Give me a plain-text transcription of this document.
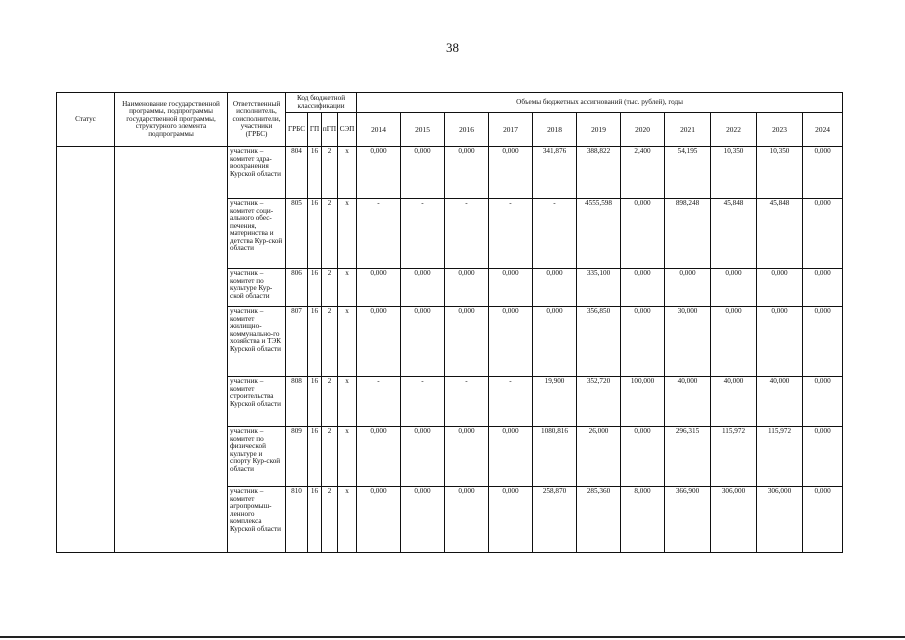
38
Статус	Наименование государственной программы, подпрограммы государственной программы, структурного элемента подпрограммы	Ответственный исполнитель, соисполнители, участники (ГРБС)	Код бюджетной классификации				Объемы бюджетных ассигнований (тыс. рублей), годы										
			ГРБС	ГП	пГП	СЭП	2014	2015	2016	2017	2018	2019	2020	2021	2022	2023	2024
		участник – комитет здра-воохранения Курской области	804	16	2	х	0,000	0,000	0,000	0,000	341,876	388,822	2,400	54,195	10,350	10,350	0,000
		участник – комитет соци-ального обес-печения, материнства и детства Кур-ской области	805	16	2	х	-	-	-	-	-	4555,598	0,000	898,248	45,848	45,848	0,000
		участник – комитет по культуре Кур-ской области	806	16	2	х	0,000	0,000	0,000	0,000	0,000	335,100	0,000	0,000	0,000	0,000	0,000
		участник – комитет жилищно-коммунально-го хозяйства и ТЭК Курской области	807	16	2	х	0,000	0,000	0,000	0,000	0,000	356,850	0,000	30,000	0,000	0,000	0,000
		участник – комитет строительства Курской области	808	16	2	х	-	-	-	-	19,900	352,720	100,000	40,000	40,000	40,000	0,000
		участник – комитет по физической культуре и спорту Кур-ской области	809	16	2	х	0,000	0,000	0,000	0,000	1080,816	26,000	0,000	296,315	115,972	115,972	0,000
		участник – комитет агропромыш-ленного комплекса Курской области	810	16	2	х	0,000	0,000	0,000	0,000	258,870	285,360	8,000	366,900	306,000	306,000	0,000
